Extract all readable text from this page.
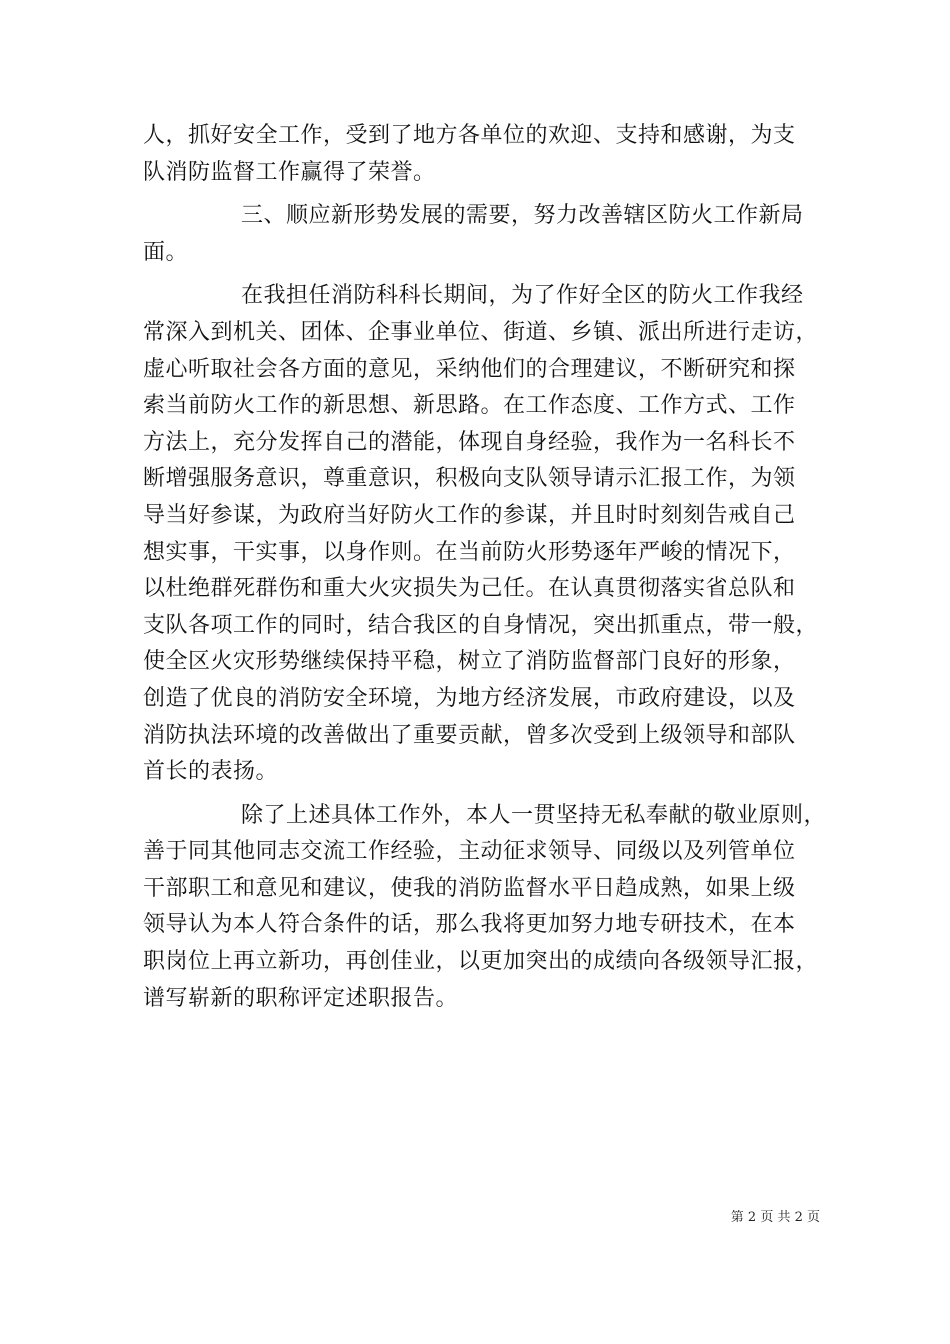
人，抓好安全工作，受到了地方各单位的欢迎、支持和感谢，为支
队消防监督工作赢得了荣誉。
三、顺应新形势发展的需要，努力改善辖区防火工作新局
面。
在我担任消防科科长期间，为了作好全区的防火工作我经
常深入到机关、团体、企事业单位、街道、乡镇、派出所进行走访，
虚心听取社会各方面的意见，采纳他们的合理建议，不断研究和探
索当前防火工作的新思想、新思路。在工作态度、工作方式、工作
方法上，充分发挥自己的潜能，体现自身经验，我作为一名科长不
断增强服务意识，尊重意识，积极向支队领导请示汇报工作，为领
导当好参谋，为政府当好防火工作的参谋，并且时时刻刻告戒自己
想实事，干实事，以身作则。在当前防火形势逐年严峻的情况下，
以杜绝群死群伤和重大火灾损失为己任。在认真贯彻落实省总队和
支队各项工作的同时，结合我区的自身情况，突出抓重点，带一般，
使全区火灾形势继续保持平稳，树立了消防监督部门良好的形象，
创造了优良的消防安全环境，为地方经济发展，市政府建设，以及
消防执法环境的改善做出了重要贡献，曾多次受到上级领导和部队
首长的表扬。
除了上述具体工作外，本人一贯坚持无私奉献的敬业原则，
善于同其他同志交流工作经验，主动征求领导、同级以及列管单位
干部职工和意见和建议，使我的消防监督水平日趋成熟，如果上级
领导认为本人符合条件的话，那么我将更加努力地专研技术，在本
职岗位上再立新功，再创佳业，以更加突出的成绩向各级领导汇报，
谱写崭新的职称评定述职报告。
第 2 页 共 2 页
